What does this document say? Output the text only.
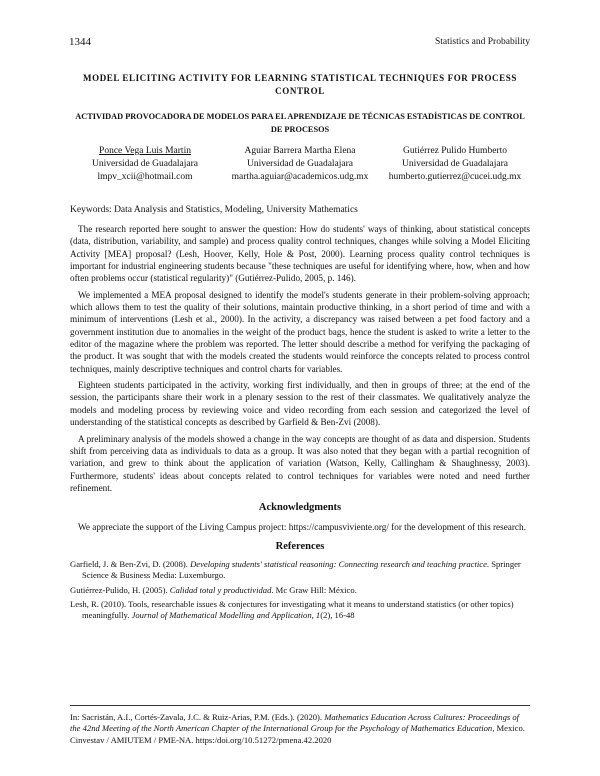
1344	Statistics and Probability
MODEL ELICITING ACTIVITY FOR LEARNING STATISTICAL TECHNIQUES FOR PROCESS CONTROL
ACTIVIDAD PROVOCADORA DE MODELOS PARA EL APRENDIZAJE DE TÉCNICAS ESTADÍSTICAS DE CONTROL DE PROCESOS
Ponce Vega Luis Martin
Universidad de Guadalajara
lmpv_xcii@hotmail.com
Aguiar Barrera Martha Elena
Universidad de Guadalajara
martha.aguiar@academicos.udg.mx
Gutiérrez Pulido Humberto
Universidad de Guadalajara
humberto.gutierrez@cucei.udg.mx
Keywords: Data Analysis and Statistics, Modeling, University Mathematics

The research reported here sought to answer the question: How do students' ways of thinking, about statistical concepts (data, distribution, variability, and sample) and process quality control techniques, changes while solving a Model Eliciting Activity [MEA] proposal? (Lesh, Hoover, Kelly, Hole & Post, 2000). Learning process quality control techniques is important for industrial engineering students because "these techniques are useful for identifying where, how, when and how often problems occur (statistical regularity)" (Gutiérrez-Pulido, 2005, p. 146).

We implemented a MEA proposal designed to identify the model's students generate in their problem-solving approach; which allows them to test the quality of their solutions, maintain productive thinking, in a short period of time and with a minimum of interventions (Lesh et al., 2000). In the activity, a discrepancy was raised between a pet food factory and a government institution due to anomalies in the weight of the product bags, hence the student is asked to write a letter to the editor of the magazine where the problem was reported. The letter should describe a method for verifying the packaging of the product. It was sought that with the models created the students would reinforce the concepts related to process control techniques, mainly descriptive techniques and control charts for variables.

Eighteen students participated in the activity, working first individually, and then in groups of three; at the end of the session, the participants share their work in a plenary session to the rest of their classmates. We qualitatively analyze the models and modeling process by reviewing voice and video recording from each session and categorized the level of understanding of the statistical concepts as described by Garfield & Ben-Zvi (2008).

A preliminary analysis of the models showed a change in the way concepts are thought of as data and dispersion. Students shift from perceiving data as individuals to data as a group. It was also noted that they began with a partial recognition of variation, and grew to think about the application of variation (Watson, Kelly, Callingham & Shaughnessy, 2003). Furthermore, students' ideas about concepts related to control techniques for variables were noted and need further refinement.

Acknowledgments

We appreciate the support of the Living Campus project: https://campusviviente.org/ for the development of this research.

References
Garfield, J. & Ben-Zvi, D. (2008). Developing students' statistical reasoning: Connecting research and teaching practice. Springer Science & Business Media: Luxemburgo.
Gutiérrez-Pulido, H. (2005). Calidad total y productividad. Mc Graw Hill: México.
Lesh, R. (2010). Tools, researchable issues & conjectures for investigating what it means to understand statistics (or other topics) meaningfully. Journal of Mathematical Modelling and Application, 1(2), 16-48
In: Sacristán, A.I., Cortés-Zavala, J.C. & Ruiz-Arias, P.M. (Eds.). (2020). Mathematics Education Across Cultures: Proceedings of the 42nd Meeting of the North American Chapter of the International Group for the Psychology of Mathematics Education, Mexico. Cinvestav / AMIUTEM / PME-NA. https:/doi.org/10.51272/pmena.42.2020
